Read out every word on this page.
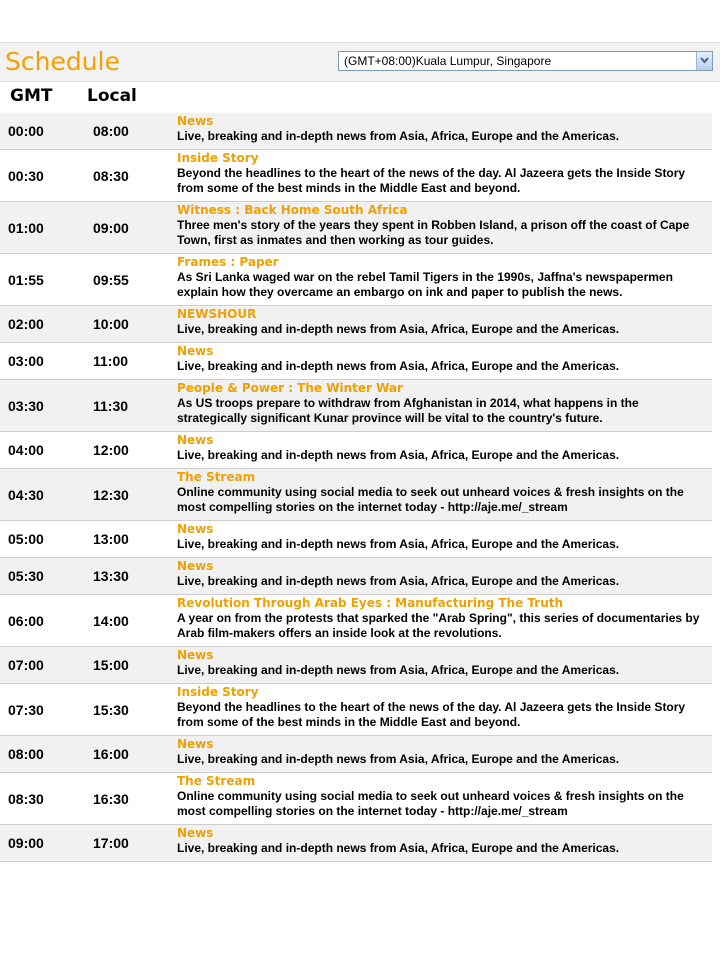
Schedule	(GMT+08:00)Kuala Lumpur, Singapore
GMT Local
00:00	08:00
News
Live, breaking and in-depth news from Asia, Africa, Europe and the Americas.
00:30	08:30
Inside Story
Beyond the headlines to the heart of the news of the day. Al Jazeera gets the Inside Story from some of the best minds in the Middle East and beyond.
01:00	09:00
Witness : Back Home South Africa
Three men's story of the years they spent in Robben Island, a prison off the coast of Cape Town, first as inmates and then working as tour guides.
01:55	09:55
Frames : Paper
As Sri Lanka waged war on the rebel Tamil Tigers in the 1990s, Jaffna's newspapermen explain how they overcame an embargo on ink and paper to publish the news.
02:00	10:00
NEWSHOUR
Live, breaking and in-depth news from Asia, Africa, Europe and the Americas.
03:00	11:00
News
Live, breaking and in-depth news from Asia, Africa, Europe and the Americas.
03:30	11:30
People & Power : The Winter War
As US troops prepare to withdraw from Afghanistan in 2014, what happens in the strategically significant Kunar province will be vital to the country's future.
04:00	12:00
News
Live, breaking and in-depth news from Asia, Africa, Europe and the Americas.
04:30	12:30
The Stream
Online community using social media to seek out unheard voices & fresh insights on the most compelling stories on the internet today - http://aje.me/_stream
05:00	13:00
News
Live, breaking and in-depth news from Asia, Africa, Europe and the Americas.
05:30	13:30
News
Live, breaking and in-depth news from Asia, Africa, Europe and the Americas.
06:00	14:00
Revolution Through Arab Eyes : Manufacturing The Truth
A year on from the protests that sparked the "Arab Spring", this series of documentaries by Arab film-makers offers an inside look at the revolutions.
07:00	15:00
News
Live, breaking and in-depth news from Asia, Africa, Europe and the Americas.
07:30	15:30
Inside Story
Beyond the headlines to the heart of the news of the day. Al Jazeera gets the Inside Story from some of the best minds in the Middle East and beyond.
08:00	16:00
News
Live, breaking and in-depth news from Asia, Africa, Europe and the Americas.
08:30	16:30
The Stream
Online community using social media to seek out unheard voices & fresh insights on the most compelling stories on the internet today - http://aje.me/_stream
09:00	17:00
News
Live, breaking and in-depth news from Asia, Africa, Europe and the Americas.
